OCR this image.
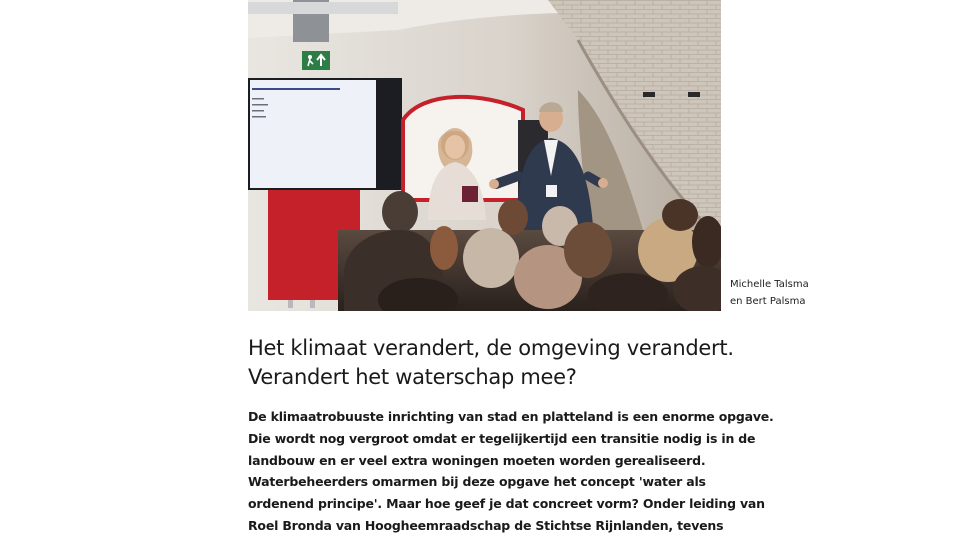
Michelle Talsma
en Bert Palsma
Het klimaat verandert, de omgeving verandert.
Verandert het waterschap mee?

De klimaatrobuuste inrichting van stad en platteland is een enorme opgave.
Die wordt nog vergroot omdat er tegelijkertijd een transitie nodig is in de
landbouw en er veel extra woningen moeten worden gerealiseerd.
Waterbeheerders omarmen bij deze opgave het concept 'water als
ordenend principe'. Maar hoe geef je dat concreet vorm? Onder leiding van
Roel Bronda van Hoogheemraadschap de Stichtse Rijnlanden, tevens
